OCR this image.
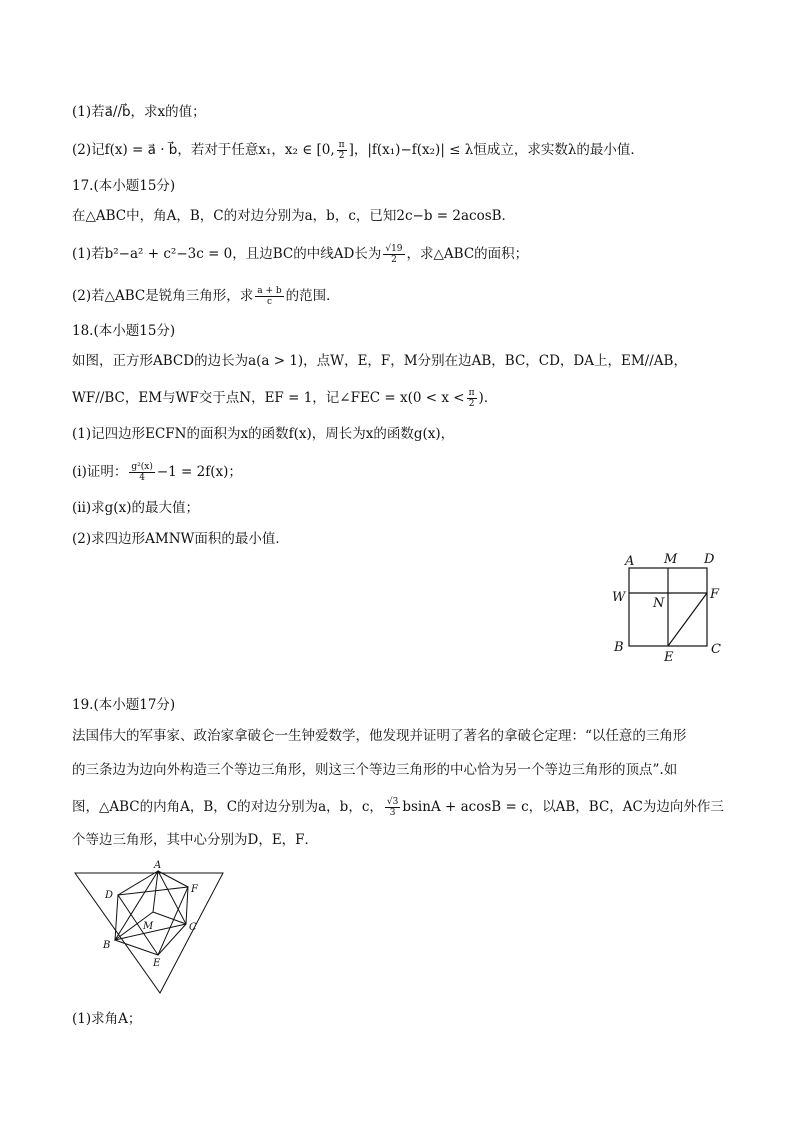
(1)若a⃗//b⃗，求x的值；
(2)记f(x) = a⃗ · b⃗，若对于任意x₁，x₂ ∈ [0, $\frac{\pi}{2}$ ]，|f(x₁)−f(x₂)| ≤ λ恒成立，求实数λ的最小值．
17.(本小题15分)
在△ABC中，角A，B，C的对边分别为a，b，c，已知2c−b = 2acosB．
(1)若b²−a² + c²−3c = 0，且边BC的中线AD长为 $\frac{√19}{2}$ ，求△ABC的面积；
(2)若△ABC是锐角三角形，求 $\frac{a + b}{c}$ 的范围．
18.(本小题15分)
如图，正方形ABCD的边长为a(a > 1)，点W，E，F，M分别在边AB，BC，CD，DA上，EM//AB，
WF//BC，EM与WF交于点N，EF = 1，记∠FEC = $x(0 < x < \frac{\pi}{2}$ )．
(1)记四边形ECFN的面积为x的函数f(x)，周长为x的函数g(x)，
(i)证明： $\frac{\text{g²(x)}}{4} -1 = 2f(x)$；
(ii)求g(x)的最大值；
(2)求四边形AMNW面积的最小值．
A M D
W N
F
B
E
C
19.(本小题17分)
法国伟大的军事家、政治家拿破仑一生钟爱数学，他发现并证明了著名的拿破仑定理：“以任意的三角形
的三条边为边向外构造三个等边三角形，则这三个等边三角形的中心恰为另一个等边三角形的顶点”.如
图，△ABC的内角A，B，C的对边分别为a，b，c， $\frac{√3}{3}$ bsinA + acosB = c，以AB，BC，AC为边向外作三
个等边三角形，其中心分别为D，E，F．
A
D
F
M	C
B
E
(1)求角A；
